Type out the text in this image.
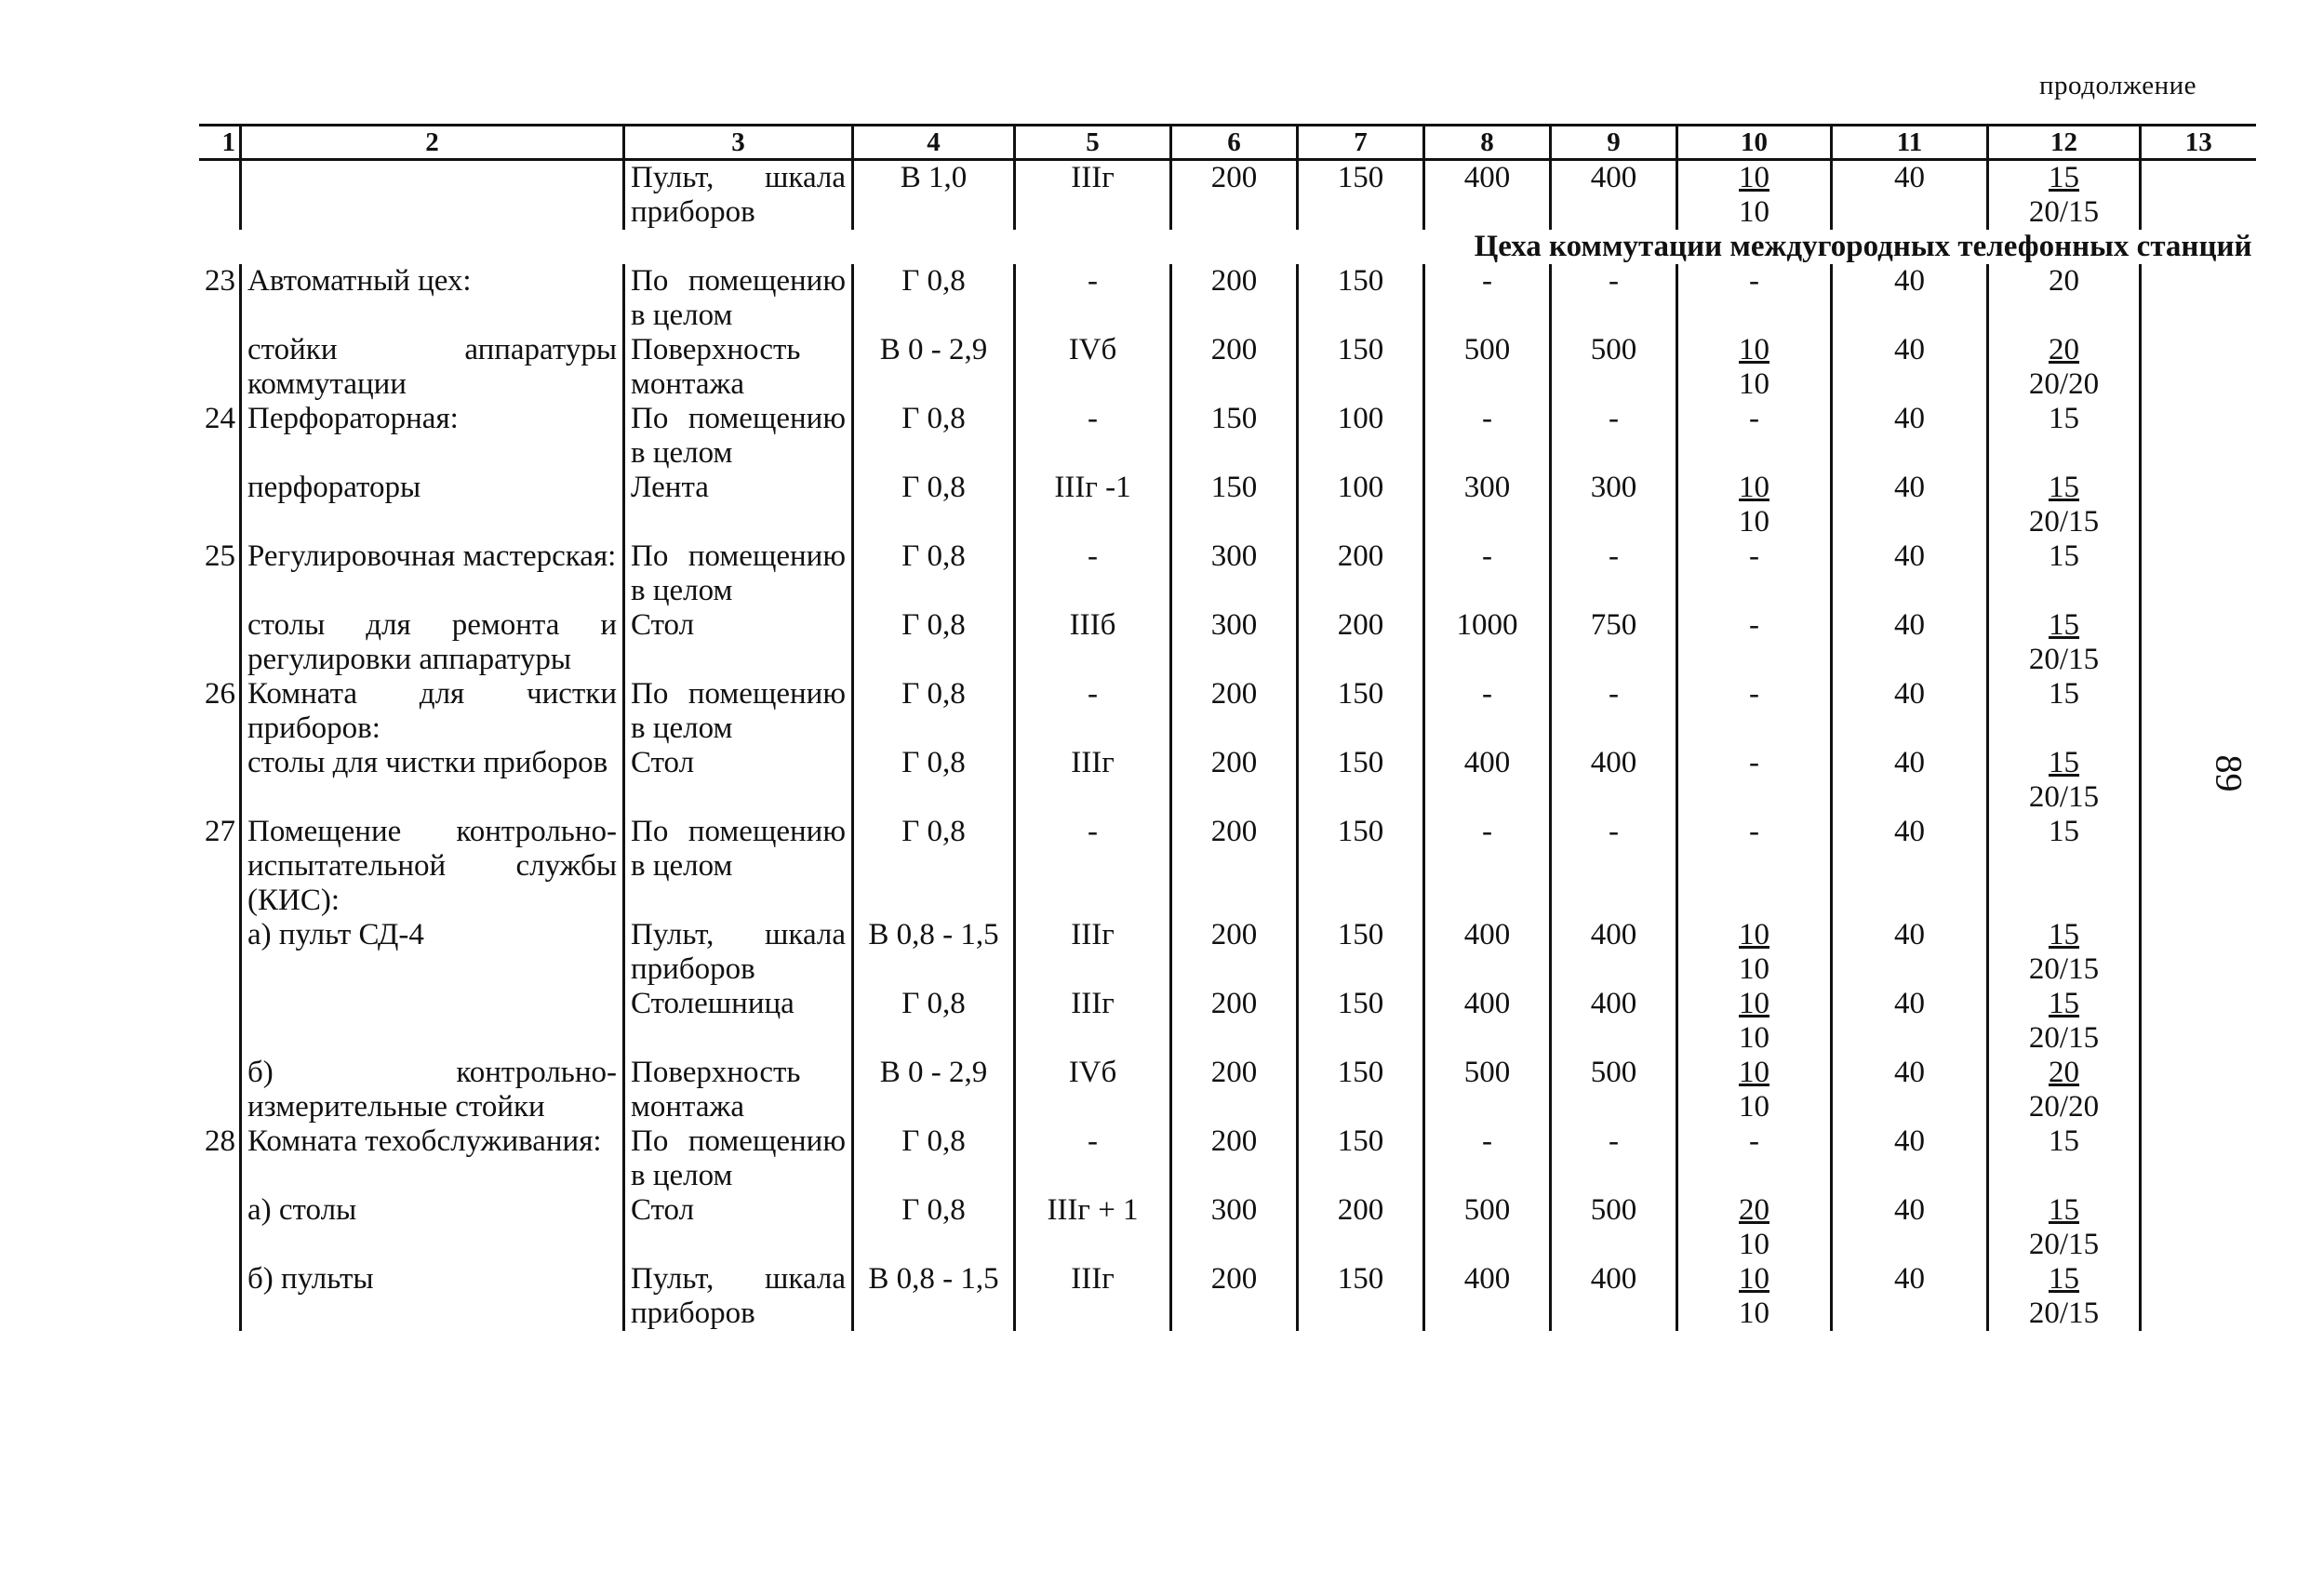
продолжение
89
1	2	3	4	5	6	7	8	9	10	11	12	13
		Пульт, шкала приборов	В 1,0	IIIг	200	150	400	400	$\frac{10}{10}$	40	$\frac{15}{20/15}$

Цеха коммутации междугородных телефонных станций												
23	Автоматный цех:	По помещению в целом	Г 0,8	-	200	150	-	-	-	40	20	
	стойки аппаратуры коммутации	Поверхность монтажа	В 0 - 2,9	IVб	200	150	500	500	$\frac{10}{10}$	40	$\frac{20}{20/20}$

24	Перфораторная:	По помещению в целом	Г 0,8	-	150	100	-	-	-	40	15	
	перфораторы	Лента	Г 0,8	IIIг -1	150	100	300	300	$\frac{10}{10}$	40	$\frac{15}{20/15}$

25	Регулировочная мастерская:	По помещению в целом	Г 0,8	-	300	200	-	-	-	40	15	
	столы для ремонта и регулировки аппаратуры	Стол	Г 0,8	IIIб	300	200	1000	750	-	40	$\frac{15}{20/15}$

26	Комната для чистки приборов:	По помещению в целом	Г 0,8	-	200	150	-	-	-	40	15	
	столы для чистки приборов	Стол	Г 0,8	IIIг	200	150	400	400	-	40	$\frac{15}{20/15}$

27	Помещение контрольно-испытательной службы (КИС):	По помещению в целом	Г 0,8	-	200	150	-	-	-	40	15	
	а) пульт СД-4	Пульт, шкала приборов	В 0,8 - 1,5	IIIг	200	150	400	400	$\frac{10}{10}$	40	$\frac{15}{20/15}$

		Столешница	Г 0,8	IIIг	200	150	400	400	$\frac{10}{10}$	40	$\frac{15}{20/15}$

	б) контрольно-измерительные стойки	Поверхность монтажа	В 0 - 2,9	IVб	200	150	500	500	$\frac{10}{10}$	40	$\frac{20}{20/20}$

28	Комната техобслуживания:	По помещению в целом	Г 0,8	-	200	150	-	-	-	40	15	
	а) столы	Стол	Г 0,8	IIIг + 1	300	200	500	500	$\frac{20}{10}$	40	$\frac{15}{20/15}$

	б) пульты	Пульт, шкала приборов	В 0,8 - 1,5	IIIг	200	150	400	400	$\frac{10}{10}$	40	$\frac{15}{20/15}$
